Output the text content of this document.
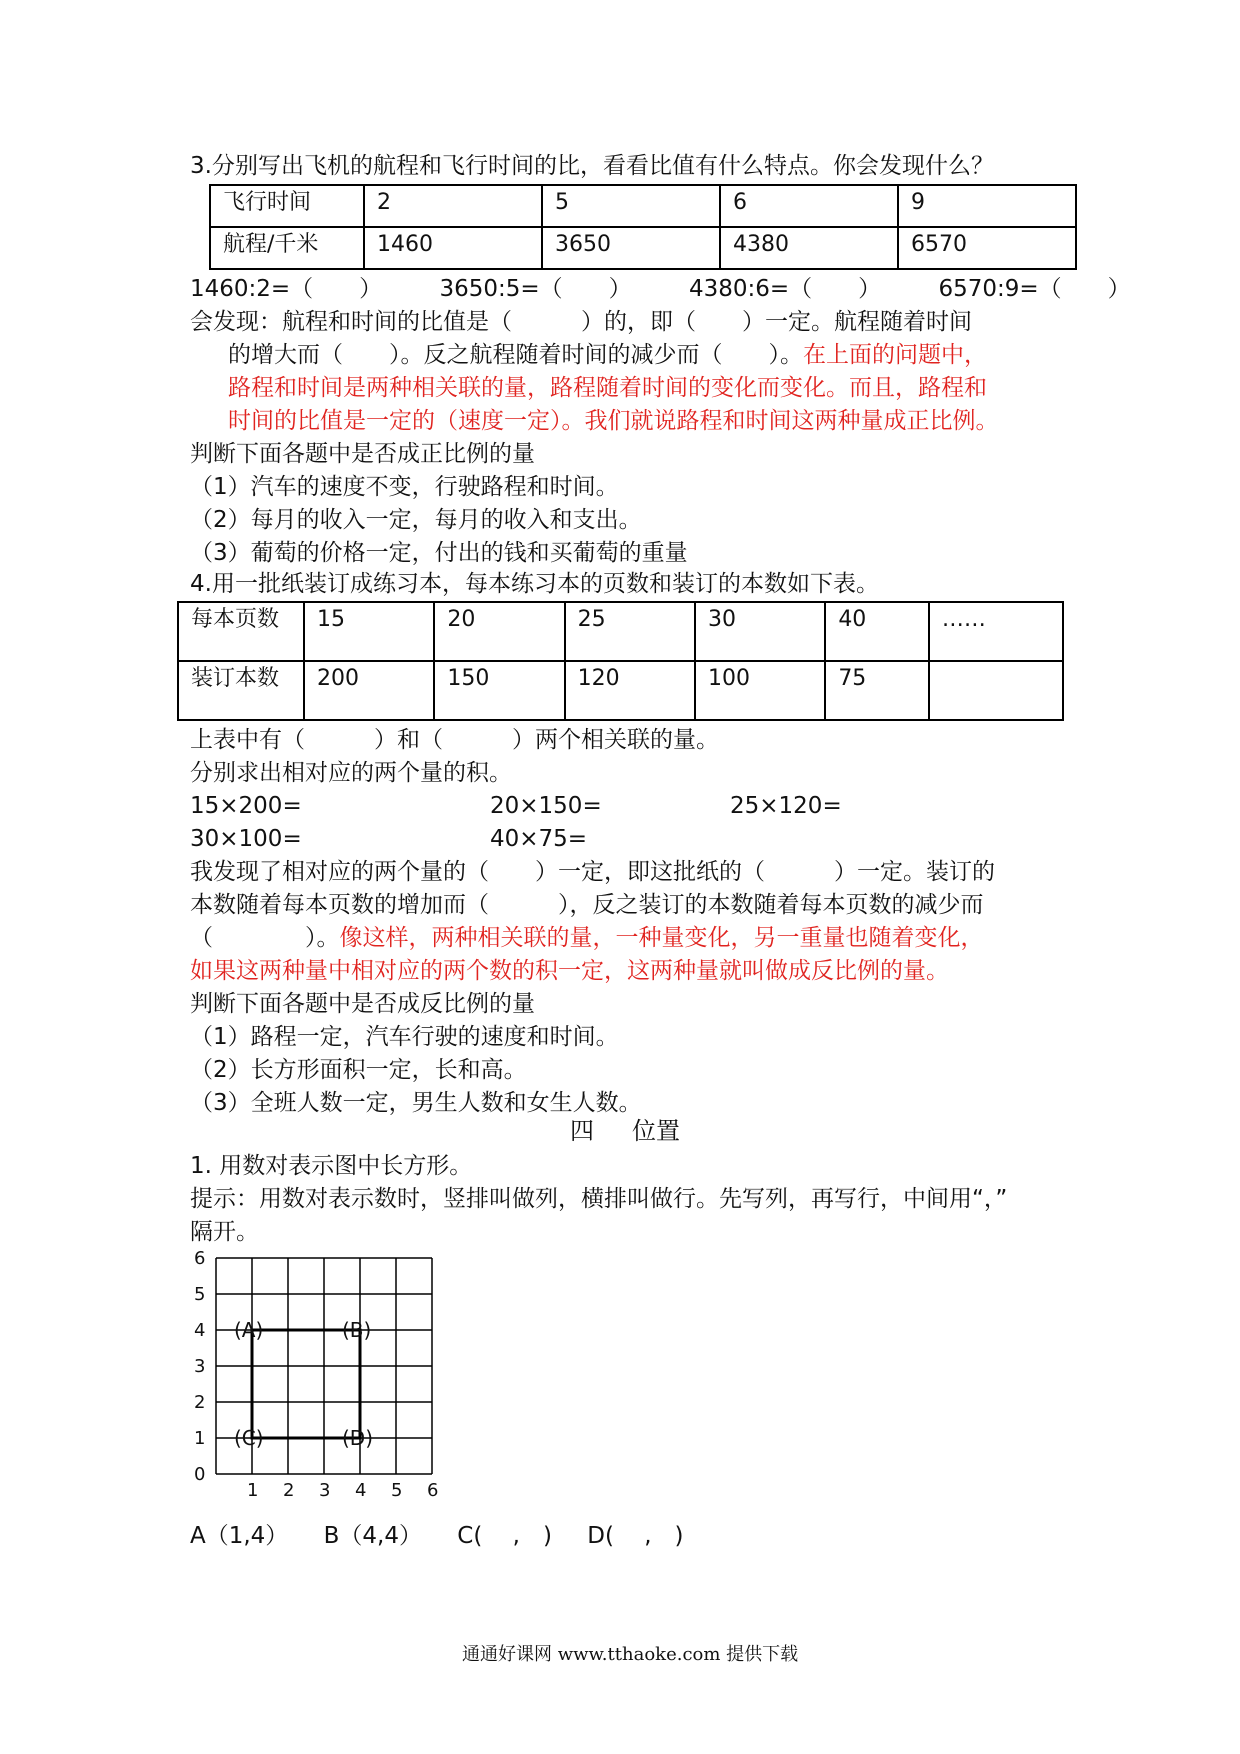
3.分别写出飞机的航程和飞行时间的比，看看比值有什么特点。你会发现什么？
飞行时间	2	5	6	9
航程/千米	1460	3650	4380	6570
1460:2=（　　） 3650:5=（　　） 4380:6=（　　） 6570:9=（　　）
会发现：航程和时间的比值是（　　　）的，即（　　）一定。航程随着时间
的增大而（　　）。反之航程随着时间的减少而（　　）。在上面的问题中，
路程和时间是两种相关联的量，路程随着时间的变化而变化。而且，路程和
时间的比值是一定的（速度一定）。我们就说路程和时间这两种量成正比例。
判断下面各题中是否成正比例的量
（1）汽车的速度不变，行驶路程和时间。
（2）每月的收入一定，每月的收入和支出。
（3）葡萄的价格一定，付出的钱和买葡萄的重量
4.用一批纸装订成练习本，每本练习本的页数和装订的本数如下表。
每本页数	15	20	25	30	40	……
装订本数	200	150	120	100	75	
上表中有（　　　）和（　　　）两个相关联的量。
分别求出相对应的两个量的积。
15×200=	20×150=	25×120=
30×100=	40×75=
我发现了相对应的两个量的（　　）一定，即这批纸的（　　　）一定。装订的
本数随着每本页数的增加而（　　　），反之装订的本数随着每本页数的减少而
（　　　　）。像这样，两种相关联的量，一种量变化，另一重量也随着变化，
如果这两种量中相对应的两个数的积一定，这两种量就叫做成反比例的量。
判断下面各题中是否成反比例的量
（1）路程一定，汽车行驶的速度和时间。
（2）长方形面积一定，长和高。
（3）全班人数一定，男生人数和女生人数。
四 位置
1. 用数对表示图中长方形。
提示：用数对表示数时，竖排叫做列，横排叫做行。先写列，再写行，中间用“，”
隔开。
0
1
2
3
4
5
6
1 2 3 4 5 6
(A)	(B)
(C)	(D)
A（1,4） B（4,4） C(　 ,　) D(　 ,　)
通通好课网 www.tthaoke.com 提供下载
